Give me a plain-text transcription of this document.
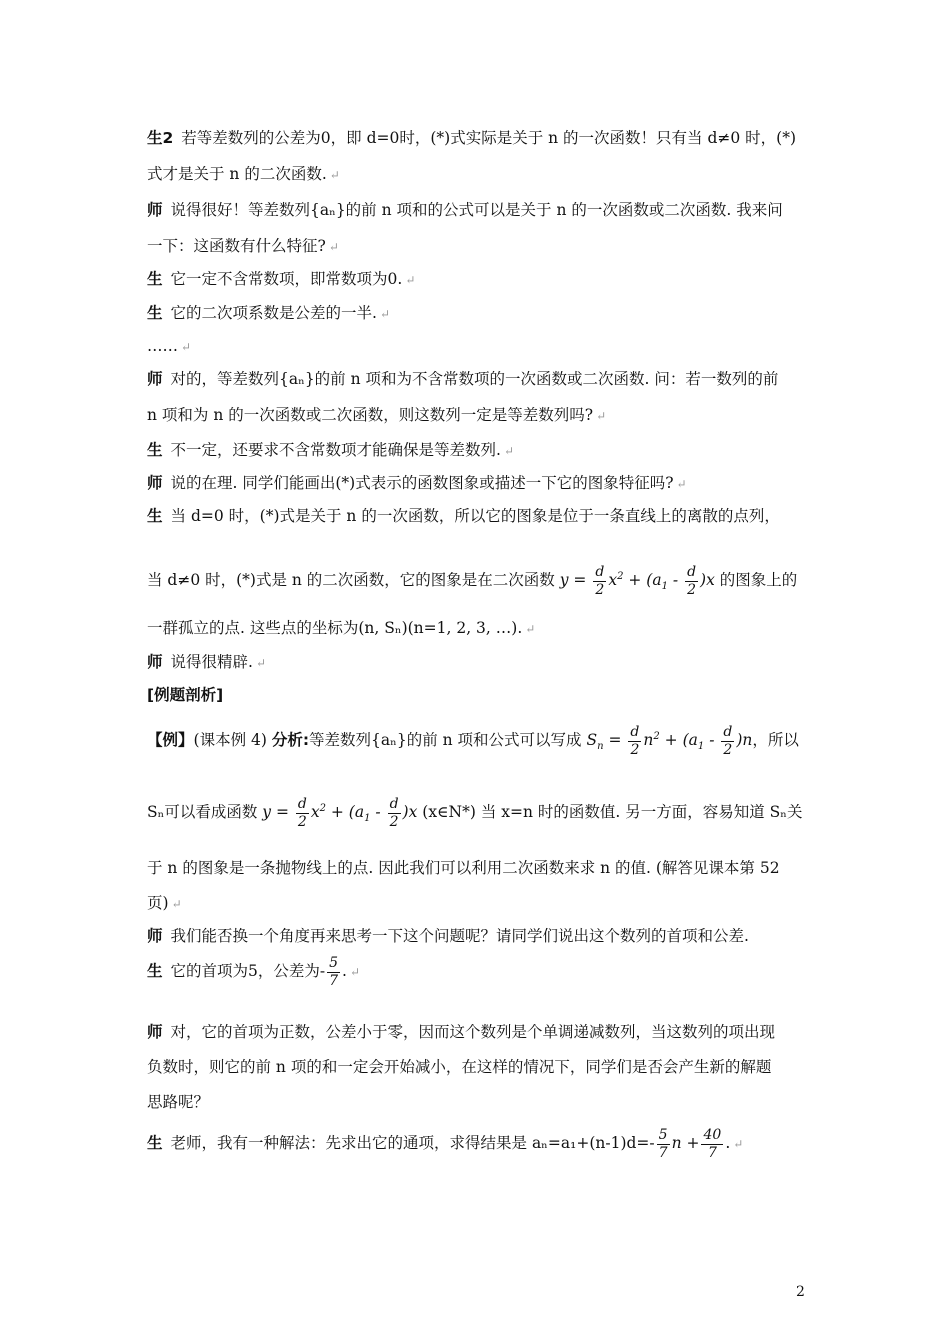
生2 若等差数列的公差为0，即 d=0时，(*)式实际是关于 n 的一次函数！只有当 d≠0 时，(*)
式才是关于 n 的二次函数. ↵
师 说得很好！等差数列{aₙ}的前 n 项和的公式可以是关于 n 的一次函数或二次函数. 我来问
一下：这函数有什么特征? ↵
生 它一定不含常数项，即常数项为0. ↵
生 它的二次项系数是公差的一半. ↵
…… ↵
师 对的，等差数列{aₙ}的前 n 项和为不含常数项的一次函数或二次函数. 问：若一数列的前
n 项和为 n 的一次函数或二次函数，则这数列一定是等差数列吗? ↵
生 不一定，还要求不含常数项才能确保是等差数列. ↵
师 说的在理. 同学们能画出(*)式表示的函数图象或描述一下它的图象特征吗? ↵
生 当 d=0 时，(*)式是关于 n 的一次函数，所以它的图象是位于一条直线上的离散的点列，
当 d≠0 时，(*)式是 n 的二次函数，它的图象是在二次函数 $y = \frac{d}{2} x^2 + (a_1 - \frac{d}{2} )x$ 的图象上的
一群孤立的点. 这些点的坐标为(n, Sₙ)(n=1, 2, 3, …). ↵
师 说得很精辟. ↵
[例题剖析]
【例】(课本例 4) 分析:等差数列{aₙ}的前 n 项和公式可以写成 $S_n = \frac{d}{2} n^2 + (a_1 - \frac{d}{2} )n$，所以
Sₙ可以看成函数 $y = \frac{d}{2} x^2 + (a_1 - \frac{d}{2} )x$ (x∈N*) 当 x=n 时的函数值. 另一方面，容易知道 Sₙ关
于 n 的图象是一条抛物线上的点. 因此我们可以利用二次函数来求 n 的值. (解答见课本第 52
页) ↵
师 我们能否换一个角度再来思考一下这个问题呢？请同学们说出这个数列的首项和公差.
生 它的首项为5，公差为- $\frac{5}{7}$ . ↵
师 对，它的首项为正数，公差小于零，因而这个数列是个单调递减数列，当这数列的项出现
负数时，则它的前 n 项的和一定会开始减小，在这样的情况下，同学们是否会产生新的解题
思路呢？
生 老师，我有一种解法：先求出它的通项，求得结果是 $a_n=a_1+(n-1)d=- \frac{5}{7}$ $n + \frac{40}{7}$ . ↵
2
